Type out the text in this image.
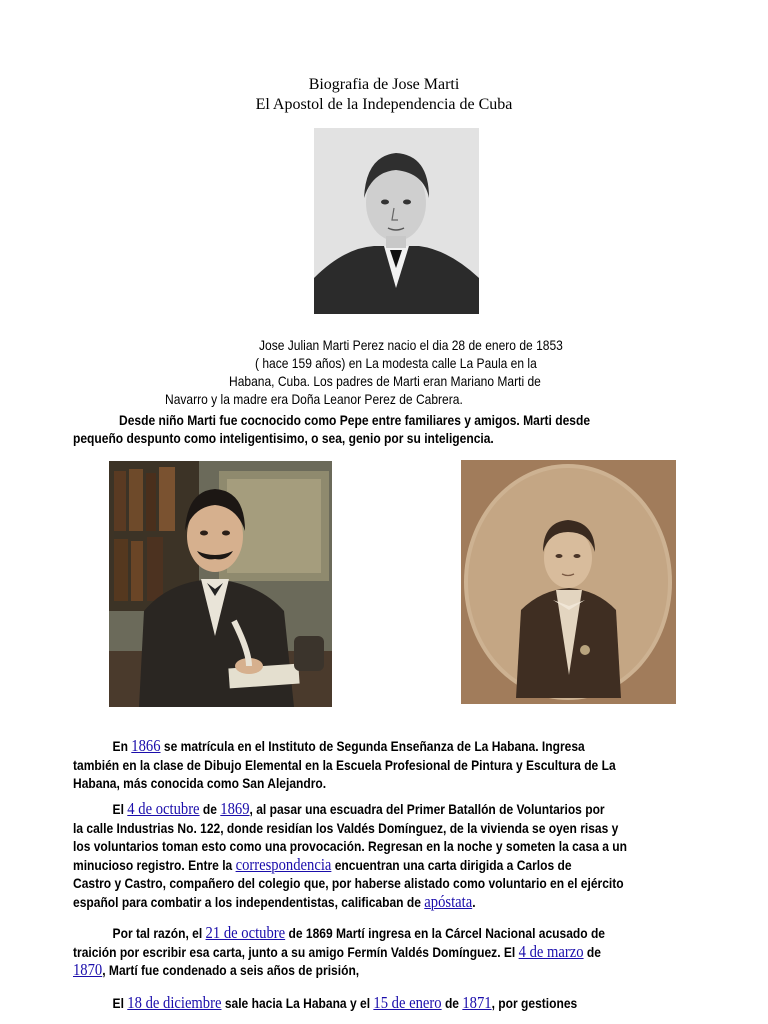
Biografia de Jose Marti
El Apostol de la Independencia de Cuba
Jose Julian Marti Perez nacio el dia 28 de enero de 1853
( hace 159 años) en La modesta calle La Paula en la
Habana, Cuba. Los padres de Marti eran Mariano Marti de
Navarro y la madre era Doña Leanor Perez de Cabrera.
Desde niño Marti fue cocnocido como Pepe entre familiares y amigos. Marti desde
pequeño despunto como inteligentisimo, o sea, genio por su inteligencia.
En 1866 se matrícula en el Instituto de Segunda Enseñanza de La Habana. Ingresa
también en la clase de Dibujo Elemental en la Escuela Profesional de Pintura y Escultura de La
Habana, más conocida como San Alejandro.
El 4 de octubre de 1869, al pasar una escuadra del Primer Batallón de Voluntarios por
la calle Industrias No. 122, donde residían los Valdés Domínguez, de la vivienda se oyen risas y
los voluntarios toman esto como una provocación. Regresan en la noche y someten la casa a un
minucioso registro. Entre la correspondencia encuentran una carta dirigida a Carlos de
Castro y Castro, compañero del colegio que, por haberse alistado como voluntario en el ejército
español para combatir a los independentistas, calificaban de apóstata.
Por tal razón, el 21 de octubre de 1869 Martí ingresa en la Cárcel Nacional acusado de
traición por escribir esa carta, junto a su amigo Fermín Valdés Domínguez. El 4 de marzo de
1870, Martí fue condenado a seis años de prisión,
El 18 de diciembre sale hacia La Habana y el 15 de enero de 1871, por gestiones
